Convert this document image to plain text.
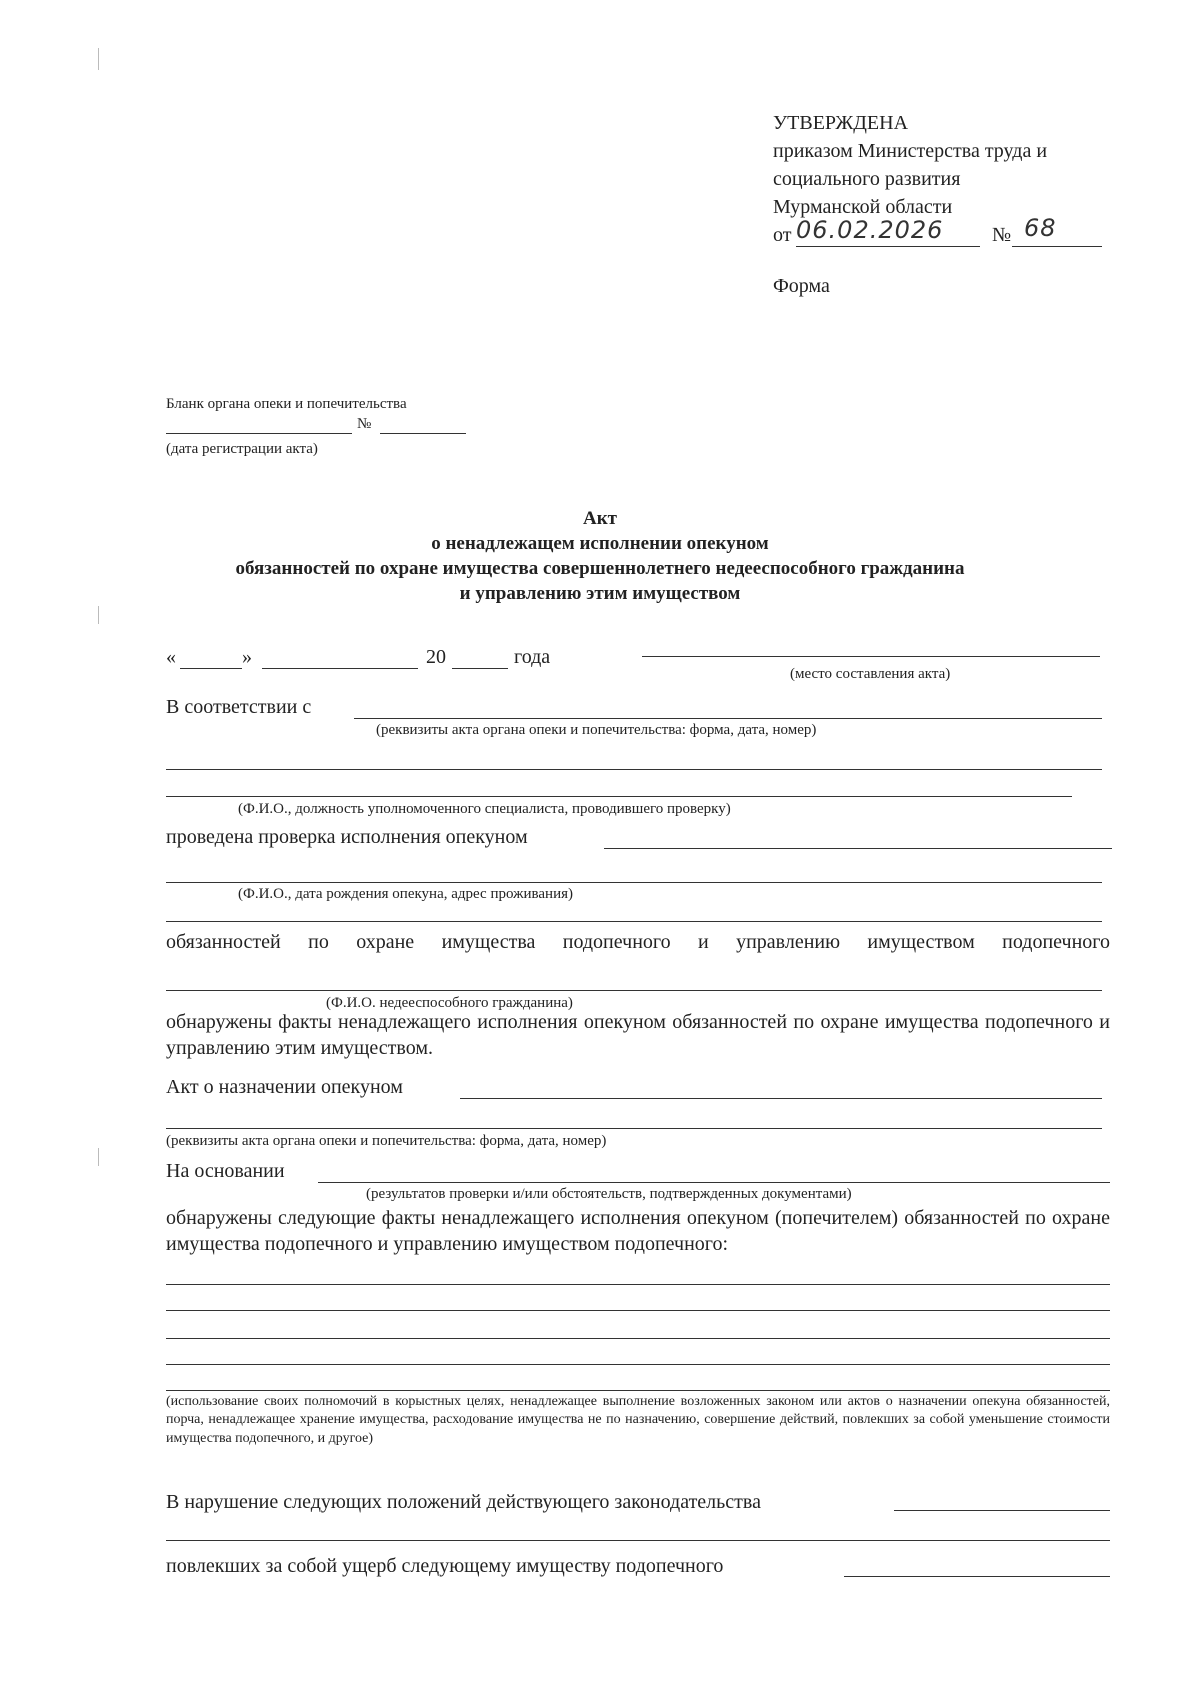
УТВЕРЖДЕНА
приказом Министерства труда и
социального развития
Мурманской области
от 06.02.2026 № 68
Форма
Бланк органа опеки и попечительства
№
(дата регистрации акта)
Акт
о ненадлежащем исполнении опекуном
обязанностей по охране имущества совершеннолетнего недееспособного гражданина
и управлению этим имуществом
«	»	20	года
(место составления акта)
В соответствии с
(реквизиты акта органа опеки и попечительства: форма, дата, номер)
(Ф.И.О., должность уполномоченного специалиста, проводившего проверку)
проведена проверка исполнения опекуном
(Ф.И.О., дата рождения опекуна, адрес проживания)
обязанностей по охране имущества подопечного и управлению имуществом подопечного
(Ф.И.О. недееспособного гражданина)
обнаружены факты ненадлежащего исполнения опекуном обязанностей по охране имущества подопечного и управлению этим имуществом.
Акт о назначении опекуном
(реквизиты акта органа опеки и попечительства: форма, дата, номер)
На основании
(результатов проверки и/или обстоятельств, подтвержденных документами)
обнаружены следующие факты ненадлежащего исполнения опекуном (попечителем) обязанностей по охране имущества подопечного и управлению имуществом подопечного:
(использование своих полномочий в корыстных целях, ненадлежащее выполнение возложенных законом или актов о назначении опекуна обязанностей, порча, ненадлежащее хранение имущества, расходование имущества не по назначению, совершение действий, повлекших за собой уменьшение стоимости имущества подопечного, и другое)
В нарушение следующих положений действующего законодательства
повлекших за собой ущерб следующему имуществу подопечного
